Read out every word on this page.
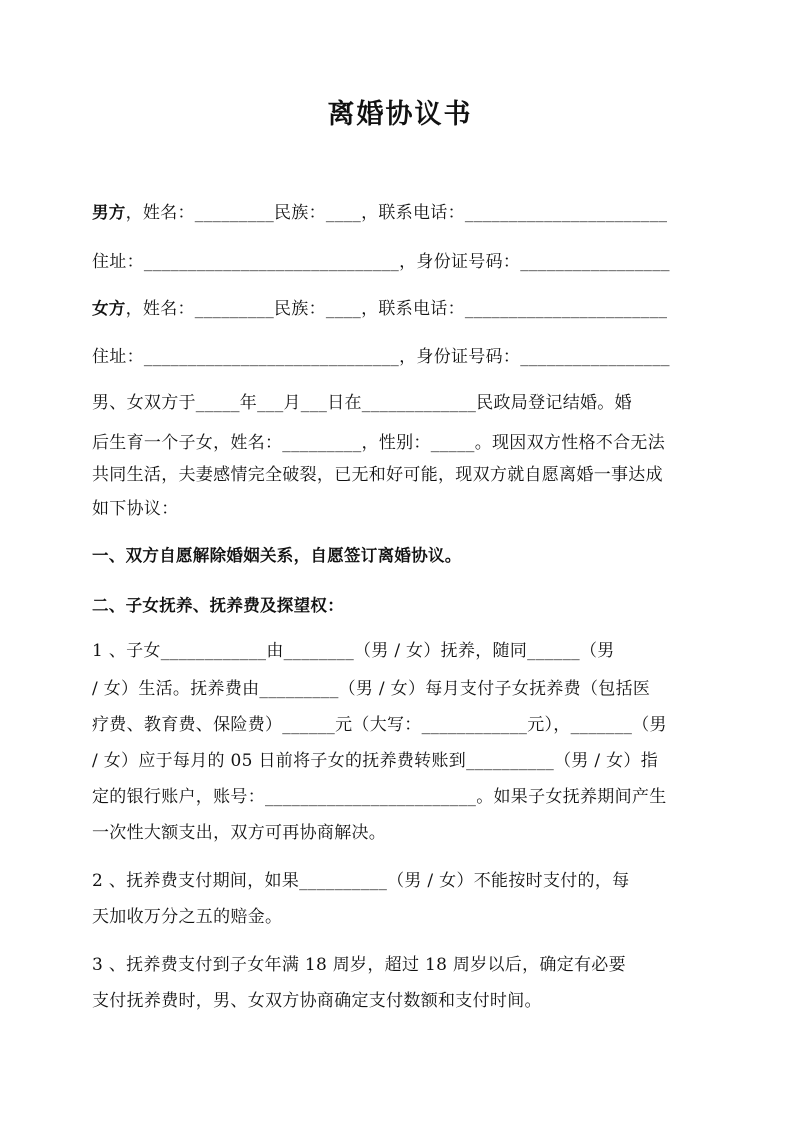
离婚协议书
男方，姓名：_________民族：____，联系电话：_______________________
住址：_____________________________，身份证号码：_________________
女方，姓名：_________民族：____，联系电话：_______________________
住址：_____________________________，身份证号码：_________________
男、女双方于_____年___月___日在_____________民政局登记结婚。婚
后生育一个子女，姓名：_________，性别：_____。现因双方性格不合无法
共同生活，夫妻感情完全破裂，已无和好可能，现双方就自愿离婚一事达成
如下协议：
一、双方自愿解除婚姻关系，自愿签订离婚协议。
二、子女抚养、抚养费及探望权：
1 、子女____________由________（男 / 女）抚养，随同______（男
/ 女）生活。抚养费由_________（男 / 女）每月支付子女抚养费（包括医
疗费、教育费、保险费）______元（大写：____________元），_______（男
/ 女）应于每月的 05 日前将子女的抚养费转账到__________（男 / 女）指
定的银行账户，账号：________________________。如果子女抚养期间产生
一次性大额支出，双方可再协商解决。
2 、抚养费支付期间，如果__________（男 / 女）不能按时支付的，每
天加收万分之五的赔金。
3 、抚养费支付到子女年满 18 周岁，超过 18 周岁以后，确定有必要
支付抚养费时，男、女双方协商确定支付数额和支付时间。
